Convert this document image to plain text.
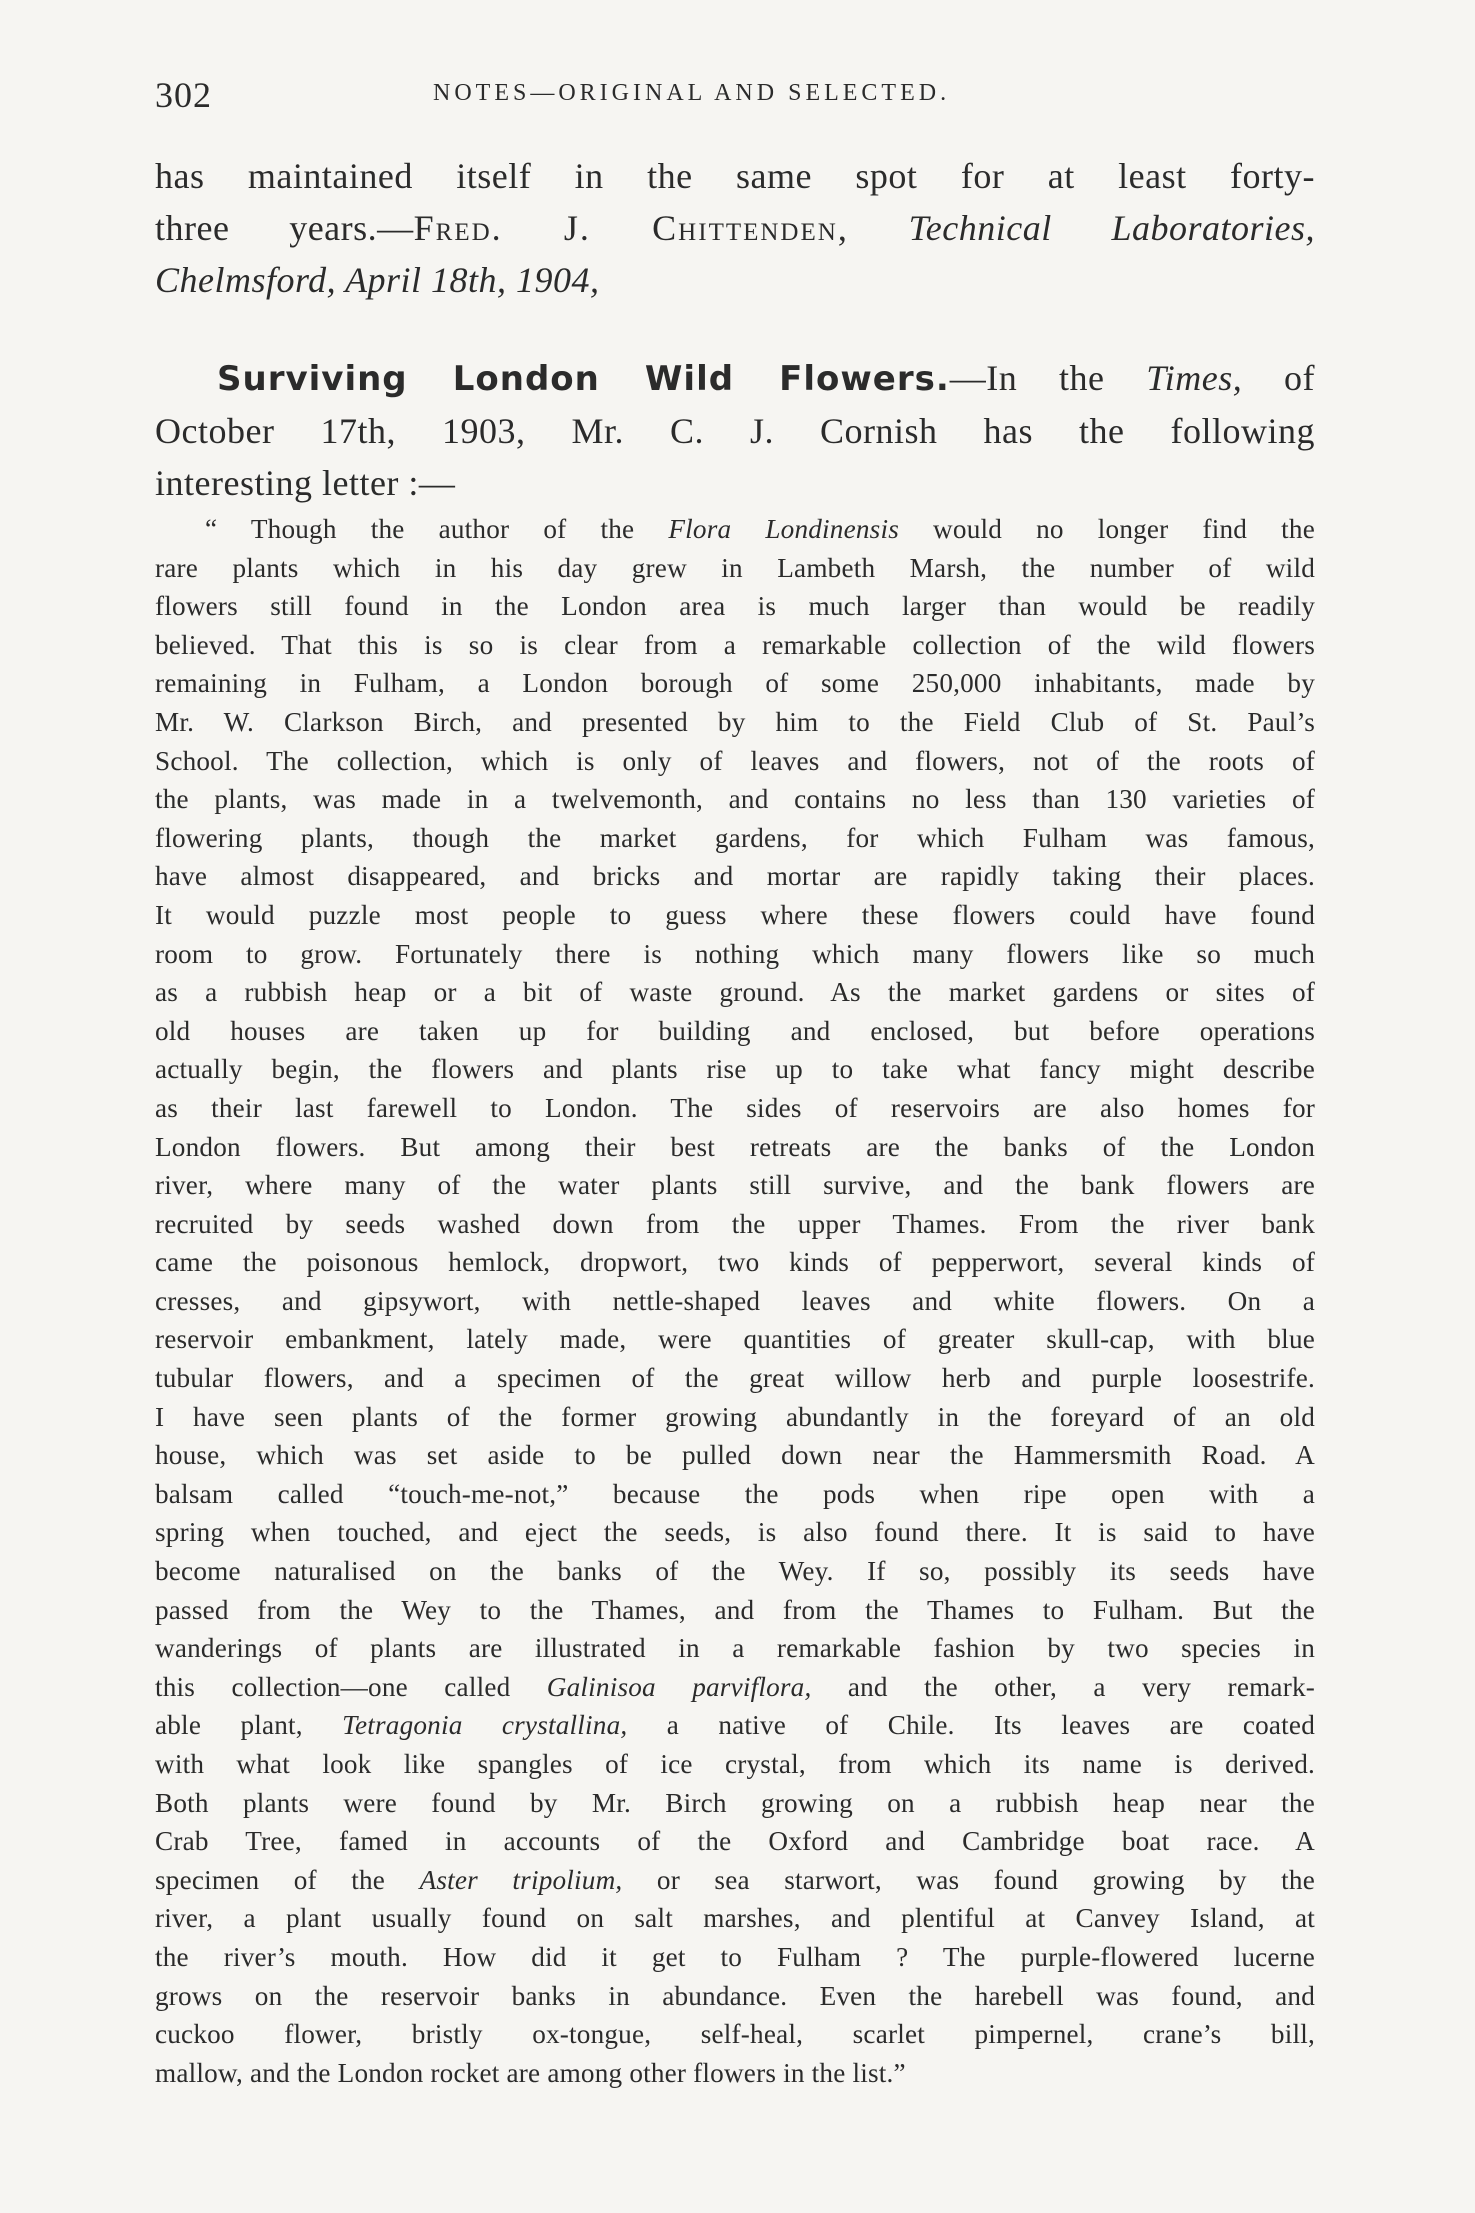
302	NOTES—ORIGINAL AND SELECTED.
has maintained itself in the same spot for at least forty-
three years.—Fred. J. Chittenden, Technical Laboratories,
Chelmsford, April 18th, 1904,
Surviving London Wild Flowers.—In the Times, of
October 17th, 1903, Mr. C. J. Cornish has the following
interesting letter :—
“ Though the author of the Flora Londinensis would no longer find the
rare plants which in his day grew in Lambeth Marsh, the number of wild
flowers still found in the London area is much larger than would be readily
believed. That this is so is clear from a remarkable collection of the wild flowers
remaining in Fulham, a London borough of some 250,000 inhabitants, made by
Mr. W. Clarkson Birch, and presented by him to the Field Club of St. Paul’s
School. The collection, which is only of leaves and flowers, not of the roots of
the plants, was made in a twelvemonth, and contains no less than 130 varieties of
flowering plants, though the market gardens, for which Fulham was famous,
have almost disappeared, and bricks and mortar are rapidly taking their places.
It would puzzle most people to guess where these flowers could have found
room to grow. Fortunately there is nothing which many flowers like so much
as a rubbish heap or a bit of waste ground. As the market gardens or sites of
old houses are taken up for building and enclosed, but before operations
actually begin, the flowers and plants rise up to take what fancy might describe
as their last farewell to London. The sides of reservoirs are also homes for
London flowers. But among their best retreats are the banks of the London
river, where many of the water plants still survive, and the bank flowers are
recruited by seeds washed down from the upper Thames. From the river bank
came the poisonous hemlock, dropwort, two kinds of pepperwort, several kinds of
cresses, and gipsywort, with nettle-shaped leaves and white flowers. On a
reservoir embankment, lately made, were quantities of greater skull-cap, with blue
tubular flowers, and a specimen of the great willow herb and purple loosestrife.
I have seen plants of the former growing abundantly in the foreyard of an old
house, which was set aside to be pulled down near the Hammersmith Road. A
balsam called “touch-me-not,” because the pods when ripe open with a
spring when touched, and eject the seeds, is also found there. It is said to have
become naturalised on the banks of the Wey. If so, possibly its seeds have
passed from the Wey to the Thames, and from the Thames to Fulham. But the
wanderings of plants are illustrated in a remarkable fashion by two species in
this collection—one called Galinisoa parviflora, and the other, a very remark-
able plant, Tetragonia crystallina, a native of Chile. Its leaves are coated
with what look like spangles of ice crystal, from which its name is derived.
Both plants were found by Mr. Birch growing on a rubbish heap near the
Crab Tree, famed in accounts of the Oxford and Cambridge boat race. A
specimen of the Aster tripolium, or sea starwort, was found growing by the
river, a plant usually found on salt marshes, and plentiful at Canvey Island, at
the river’s mouth. How did it get to Fulham ? The purple-flowered lucerne
grows on the reservoir banks in abundance. Even the harebell was found, and
cuckoo flower, bristly ox-tongue, self-heal, scarlet pimpernel, crane’s bill,
mallow, and the London rocket are among other flowers in the list.”
